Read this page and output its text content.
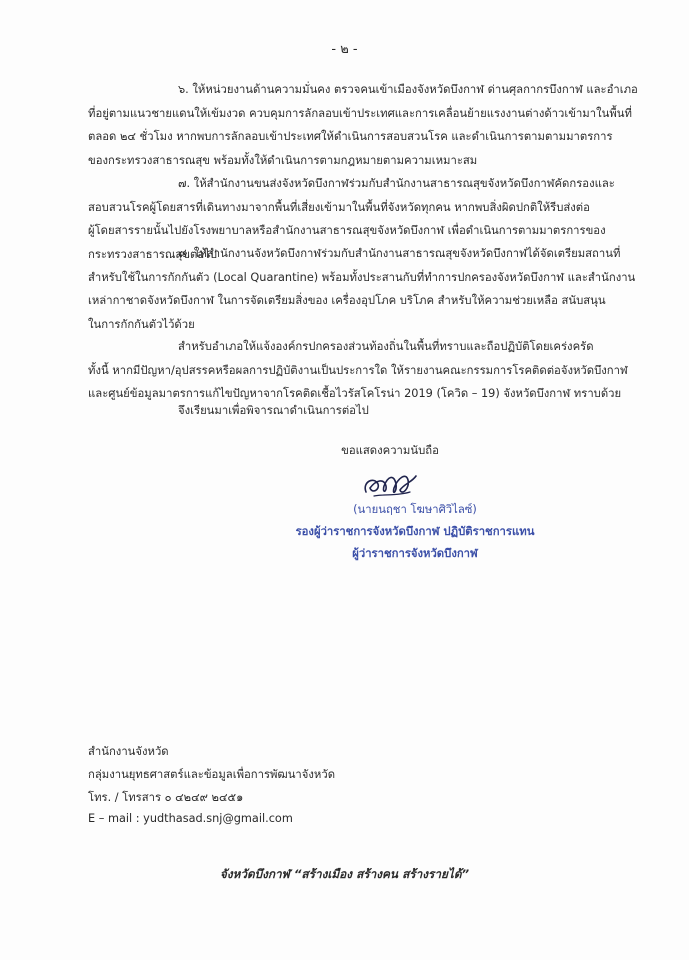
- ๒ -
๖. ให้หน่วยงานด้านความมั่นคง ตรวจคนเข้าเมืองจังหวัดบึงกาฬ ด่านศุลกากรบึงกาฬ และอำเภอ
ที่อยู่ตามแนวชายแดนให้เข้มงวด ควบคุมการลักลอบเข้าประเทศและการเคลื่อนย้ายแรงงานต่างด้าวเข้ามาในพื้นที่
ตลอด ๒๔ ชั่วโมง หากพบการลักลอบเข้าประเทศให้ดำเนินการสอบสวนโรค และดำเนินการตามตามมาตรการ
ของกระทรวงสาธารณสุข พร้อมทั้งให้ดำเนินการตามกฎหมายตามความเหมาะสม
๗. ให้สำนักงานขนส่งจังหวัดบึงกาฬร่วมกับสำนักงานสาธารณสุขจังหวัดบึงกาฬคัดกรองและ
สอบสวนโรคผู้โดยสารที่เดินทางมาจากพื้นที่เสี่ยงเข้ามาในพื้นที่จังหวัดทุกคน หากพบสิ่งผิดปกติให้รีบส่งต่อ
ผู้โดยสารรายนั้นไปยังโรงพยาบาลหรือสำนักงานสาธารณสุขจังหวัดบึงกาฬ เพื่อดำเนินการตามมาตรการของ
กระทรวงสาธารณสุขต่อไป
๘. ให้สำนักงานจังหวัดบึงกาฬร่วมกับสำนักงานสาธารณสุขจังหวัดบึงกาฬได้จัดเตรียมสถานที่
สำหรับใช้ในการกักกันตัว (Local Quarantine) พร้อมทั้งประสานกับที่ทำการปกครองจังหวัดบึงกาฬ และสำนักงาน
เหล่ากาชาดจังหวัดบึงกาฬ ในการจัดเตรียมสิ่งของ เครื่องอุปโภค บริโภค สำหรับให้ความช่วยเหลือ สนับสนุน
ในการกักกันตัวไว้ด้วย
สำหรับอำเภอให้แจ้งองค์กรปกครองส่วนท้องถิ่นในพื้นที่ทราบและถือปฏิบัติโดยเคร่งครัด
ทั้งนี้ หากมีปัญหา/อุปสรรคหรือผลการปฏิบัติงานเป็นประการใด ให้รายงานคณะกรรมการโรคติดต่อจังหวัดบึงกาฬ
และศูนย์ข้อมูลมาตรการแก้ไขปัญหาจากโรคติดเชื้อไวรัสโคโรน่า 2019 (โควิด – 19) จังหวัดบึงกาฬ ทราบด้วย
จึงเรียนมาเพื่อพิจารณาดำเนินการต่อไป
ขอแสดงความนับถือ
(นายนฤชา โฆษาศิวิไลซ์)
รองผู้ว่าราชการจังหวัดบึงกาฬ ปฏิบัติราชการแทน
ผู้ว่าราชการจังหวัดบึงกาฬ
สำนักงานจังหวัด
กลุ่มงานยุทธศาสตร์และข้อมูลเพื่อการพัฒนาจังหวัด
โทร. / โทรสาร ๐ ๔๒๔๙ ๒๔๕๑
E – mail : yudthasad.snj@gmail.com
จังหวัดบึงกาฬ “สร้างเมือง สร้างคน สร้างรายได้”
